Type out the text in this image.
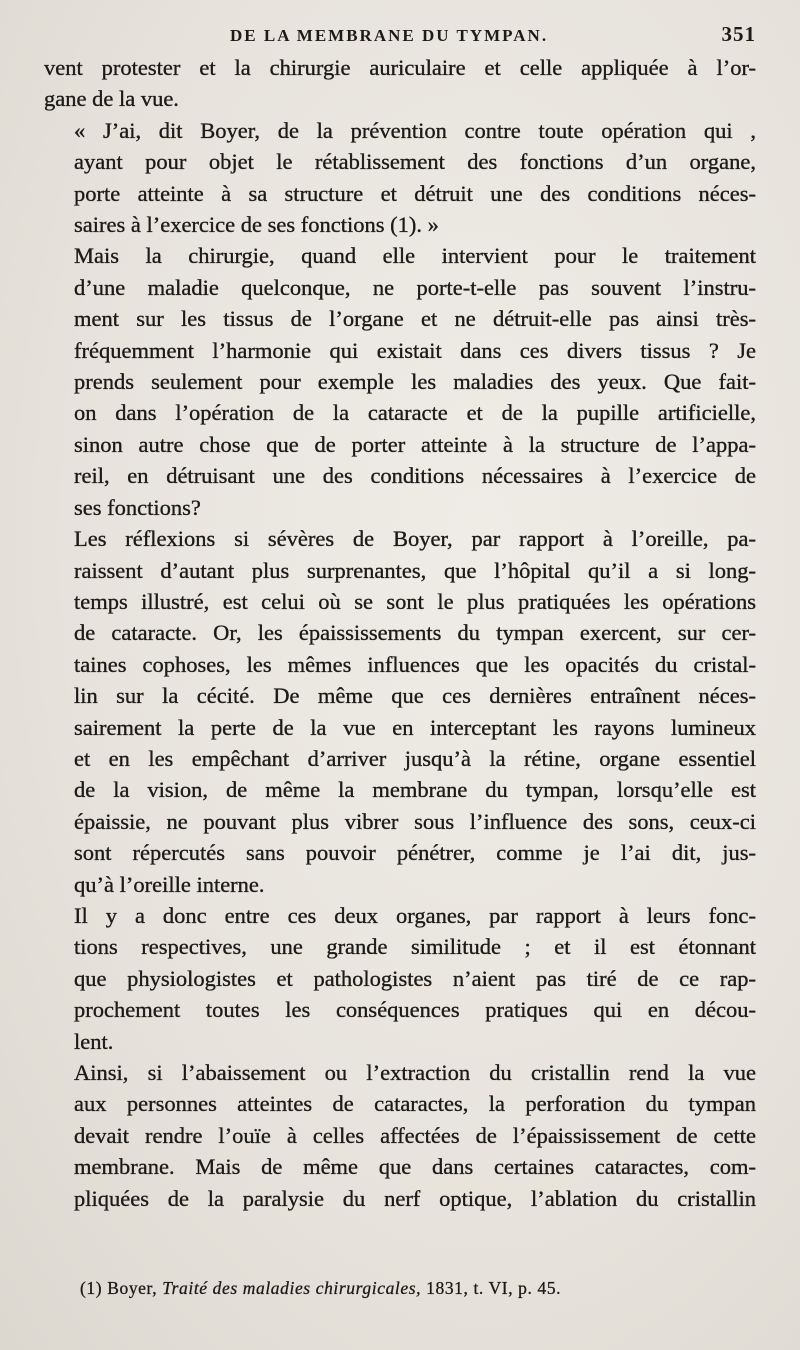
DE LA MEMBRANE DU TYMPAN.	351

vent protester et la chirurgie auriculaire et celle appliquée à l’or-
gane de la vue.

« J’ai, dit Boyer, de la prévention contre toute opération qui ,
ayant pour objet le rétablissement des fonctions d’un organe,
porte atteinte à sa structure et détruit une des conditions néces-
saires à l’exercice de ses fonctions (1). »

Mais la chirurgie, quand elle intervient pour le traitement
d’une maladie quelconque, ne porte-t-elle pas souvent l’instru-
ment sur les tissus de l’organe et ne détruit-elle pas ainsi très-
fréquemment l’harmonie qui existait dans ces divers tissus ? Je
prends seulement pour exemple les maladies des yeux. Que fait-
on dans l’opération de la cataracte et de la pupille artificielle,
sinon autre chose que de porter atteinte à la structure de l’appa-
reil, en détruisant une des conditions nécessaires à l’exercice de
ses fonctions?

Les réflexions si sévères de Boyer, par rapport à l’oreille, pa-
raissent d’autant plus surprenantes, que l’hôpital qu’il a si long-
temps illustré, est celui où se sont le plus pratiquées les opérations
de cataracte. Or, les épaississements du tympan exercent, sur cer-
taines cophoses, les mêmes influences que les opacités du cristal-
lin sur la cécité. De même que ces dernières entraînent néces-
sairement la perte de la vue en interceptant les rayons lumineux
et en les empêchant d’arriver jusqu’à la rétine, organe essentiel
de la vision, de même la membrane du tympan, lorsqu’elle est
épaissie, ne pouvant plus vibrer sous l’influence des sons, ceux-ci
sont répercutés sans pouvoir pénétrer, comme je l’ai dit, jus-
qu’à l’oreille interne.

Il y a donc entre ces deux organes, par rapport à leurs fonc-
tions respectives, une grande similitude ; et il est étonnant
que physiologistes et pathologistes n’aient pas tiré de ce rap-
prochement toutes les conséquences pratiques qui en décou-
lent.

Ainsi, si l’abaissement ou l’extraction du cristallin rend la vue
aux personnes atteintes de cataractes, la perforation du tympan
devait rendre l’ouïe à celles affectées de l’épaississement de cette
membrane. Mais de même que dans certaines cataractes, com-
pliquées de la paralysie du nerf optique, l’ablation du cristallin

(1) Boyer, Traité des maladies chirurgicales, 1831, t. VI, p. 45.
